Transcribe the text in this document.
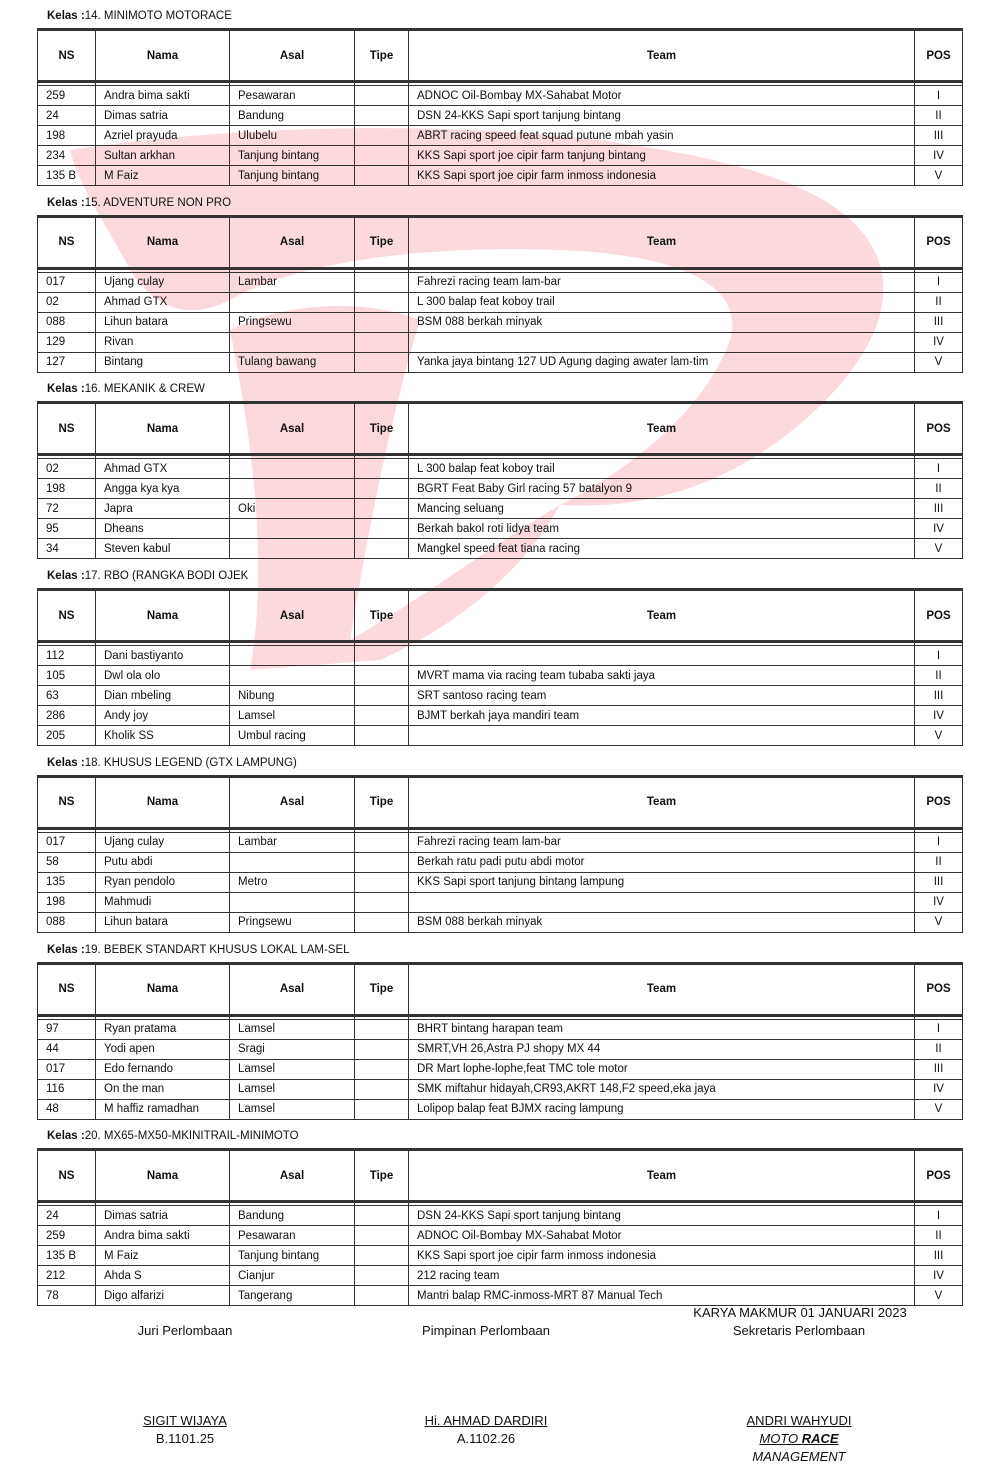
Kelas :14. MINIMOTO MOTORACE
NS	Nama	Asal	Tipe	Team	POS

259	Andra bima sakti	Pesawaran		ADNOC Oil-Bombay MX-Sahabat Motor	I
24	Dimas satria	Bandung		DSN 24-KKS Sapi sport tanjung bintang	II
198	Azriel prayuda	Ulubelu		ABRT racing speed feat squad putune mbah yasin	III
234	Sultan arkhan	Tanjung bintang		KKS Sapi sport joe cipir farm tanjung bintang	IV
135 B	M Faiz	Tanjung bintang		KKS Sapi sport joe cipir farm inmoss indonesia	V
Kelas :15. ADVENTURE NON PRO
NS	Nama	Asal	Tipe	Team	POS

017	Ujang culay	Lambar		Fahrezi racing team lam-bar	I
02	Ahmad GTX			L 300 balap feat koboy trail	II
088	Lihun batara	Pringsewu		BSM 088 berkah minyak	III
129	Rivan				IV
127	Bintang	Tulang bawang		Yanka jaya bintang 127 UD Agung daging awater lam-tim	V
Kelas :16. MEKANIK & CREW
NS	Nama	Asal	Tipe	Team	POS

02	Ahmad GTX			L 300 balap feat koboy trail	I
198	Angga kya kya			BGRT Feat Baby Girl racing 57 batalyon 9	II
72	Japra	Oki		Mancing seluang	III
95	Dheans			Berkah bakol roti lidya team	IV
34	Steven kabul			Mangkel speed feat tiana racing	V
Kelas :17. RBO (RANGKA BODI OJEK
NS	Nama	Asal	Tipe	Team	POS

112	Dani bastiyanto				I
105	Dwl ola olo			MVRT mama via racing team tubaba sakti jaya	II
63	Dian mbeling	Nibung		SRT santoso racing team	III
286	Andy joy	Lamsel		BJMT berkah jaya mandiri team	IV
205	Kholik SS	Umbul racing			V
Kelas :18. KHUSUS LEGEND (GTX LAMPUNG)
NS	Nama	Asal	Tipe	Team	POS

017	Ujang culay	Lambar		Fahrezi racing team lam-bar	I
58	Putu abdi			Berkah ratu padi putu abdi motor	II
135	Ryan pendolo	Metro		KKS Sapi sport tanjung bintang lampung	III
198	Mahmudi				IV
088	Lihun batara	Pringsewu		BSM 088 berkah minyak	V
Kelas :19. BEBEK STANDART KHUSUS LOKAL LAM-SEL
NS	Nama	Asal	Tipe	Team	POS

97	Ryan pratama	Lamsel		BHRT bintang harapan team	I
44	Yodi apen	Sragi		SMRT,VH 26,Astra PJ shopy MX 44	II
017	Edo fernando	Lamsel		DR Mart lophe-lophe,feat TMC tole motor	III
116	On the man	Lamsel		SMK miftahur hidayah,CR93,AKRT 148,F2 speed,eka jaya	IV
48	M haffiz ramadhan	Lamsel		Lolipop balap feat BJMX racing lampung	V
Kelas :20. MX65-MX50-MKINITRAIL-MINIMOTO
NS	Nama	Asal	Tipe	Team	POS

24	Dimas satria	Bandung		DSN 24-KKS Sapi sport tanjung bintang	I
259	Andra bima sakti	Pesawaran		ADNOC Oil-Bombay MX-Sahabat Motor	II
135 B	M Faiz	Tanjung bintang		KKS Sapi sport joe cipir farm inmoss indonesia	III
212	Ahda S	Cianjur		212 racing team	IV
78	Digo alfarizi	Tangerang		Mantri balap RMC-inmoss-MRT 87 Manual Tech	V
KARYA MAKMUR 01 JANUARI 2023
Juri Perlombaan	Pimpinan Perlombaan	Sekretaris Perlombaan
SIGIT WIJAYA
B.1101.25
Hi. AHMAD DARDIRI
A.1102.26
ANDRI WAHYUDI
MOTO RACE
MANAGEMENT
